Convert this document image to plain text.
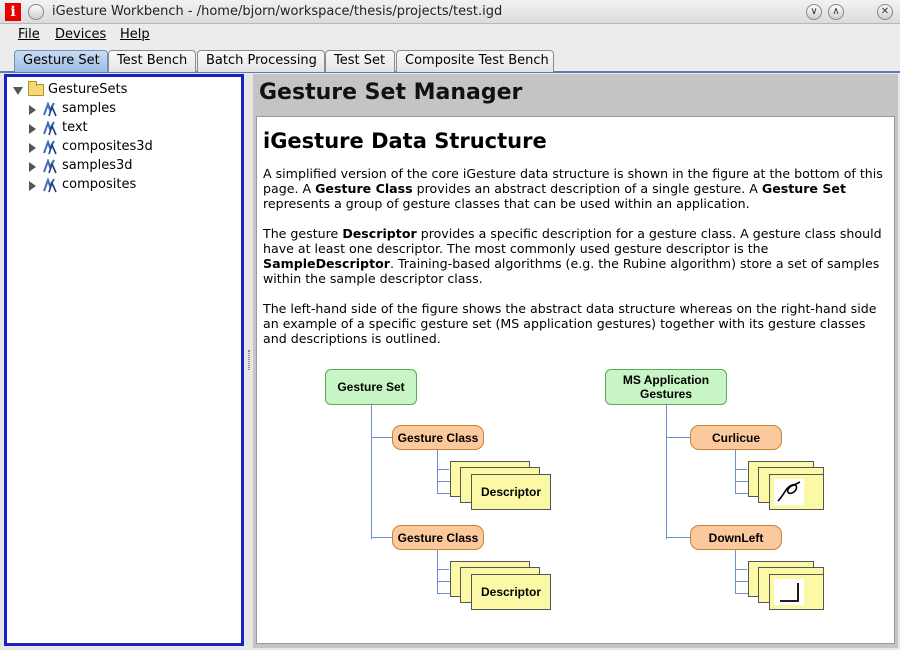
i	iGesture Workbench - /home/bjorn/workspace/thesis/projects/test.igd	∨	∧	✕
File Devices Help
Gesture Set	Test Bench	Batch Processing	Test Set	Composite Test Bench
GestureSets
samples
text
composites3d
samples3d
composites
Gesture Set Manager
iGesture Data Structure
A simplified version of the core iGesture data structure is shown in the figure at the bottom of this page. A Gesture Class provides an abstract description of a single gesture. A Gesture Set represents a group of gesture classes that can be used within an application.
The gesture Descriptor provides a specific description for a gesture class. A gesture class should have at least one descriptor. The most commonly used gesture descriptor is the SampleDescriptor. Training-based algorithms (e.g. the Rubine algorithm) store a set of samples within the sample descriptor class.
The left-hand side of the figure shows the abstract data structure whereas on the right-hand side an example of a specific gesture set (MS application gestures) together with its gesture classes and descriptions is outlined.
Gesture Set
Gesture Class
Descriptor
Gesture Class
Descriptor
MS Application Gestures
Curlicue
DownLeft
